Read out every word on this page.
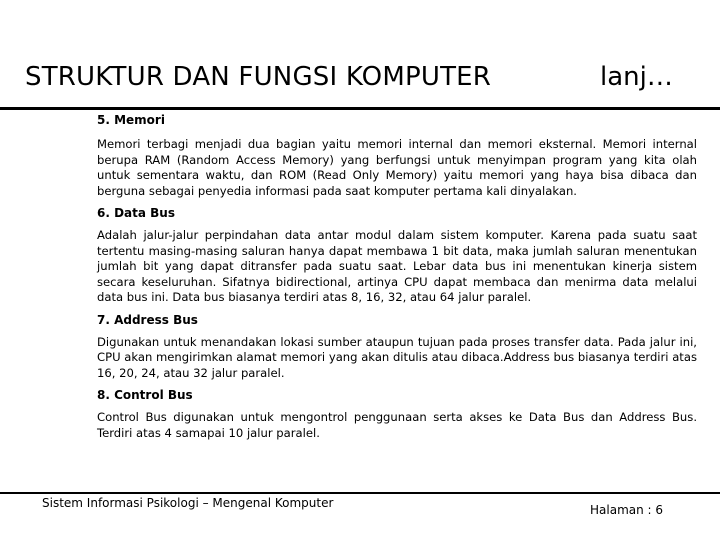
STRUKTUR DAN FUNGSI KOMPUTER	lanj…
5. Memori

Memori terbagi menjadi dua bagian yaitu memori internal dan memori eksternal. Memori internal berupa RAM (Random Access Memory) yang berfungsi untuk menyimpan program yang kita olah untuk sementara waktu, dan ROM (Read Only Memory) yaitu memori yang haya bisa dibaca dan berguna sebagai penyedia informasi pada saat komputer pertama kali dinyalakan.

6. Data Bus

Adalah jalur-jalur perpindahan data antar modul dalam sistem komputer. Karena pada suatu saat tertentu masing-masing saluran hanya dapat membawa 1 bit data, maka jumlah saluran menentukan jumlah bit yang dapat ditransfer pada suatu saat. Lebar data bus ini menentukan kinerja sistem secara keseluruhan. Sifatnya bidirectional, artinya CPU dapat membaca dan menirma data melalui data bus ini. Data bus biasanya terdiri atas 8, 16, 32, atau 64 jalur paralel.

7. Address Bus

Digunakan untuk menandakan lokasi sumber ataupun tujuan pada proses transfer data. Pada jalur ini, CPU akan mengirimkan alamat memori yang akan ditulis atau dibaca.Address bus biasanya terdiri atas 16, 20, 24, atau 32 jalur paralel.

8. Control Bus

Control Bus digunakan untuk mengontrol penggunaan serta akses ke Data Bus dan Address Bus. Terdiri atas 4 samapai 10 jalur paralel.

Sistem Informasi Psikologi – Mengenal Komputer	Halaman : 6
